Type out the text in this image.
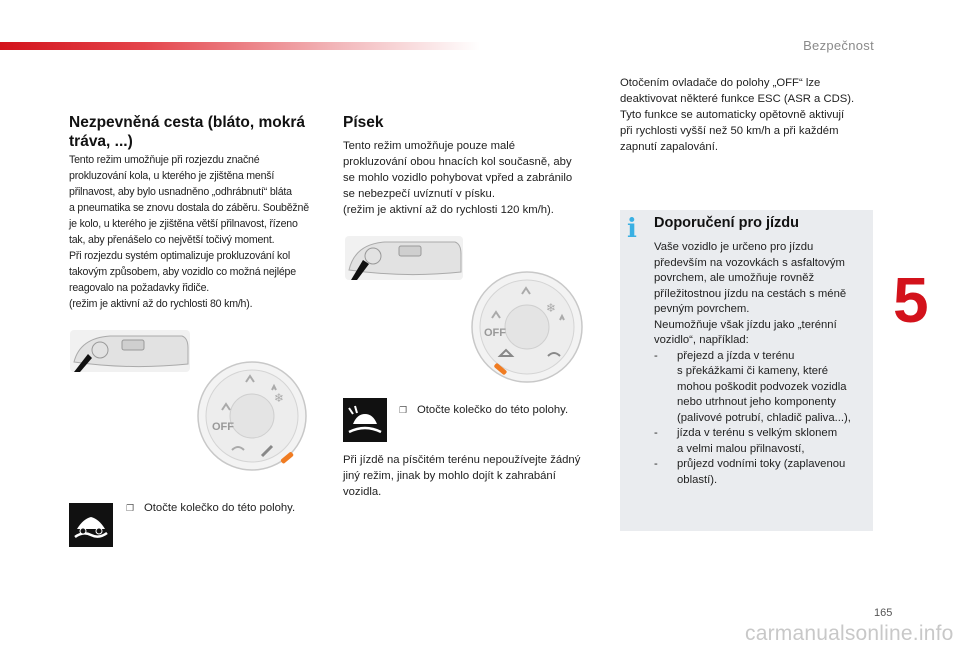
Bezpečnost
Nezpevněná cesta (bláto, mokrá
tráva, ...)
Tento režim umožňuje při rozjezdu značné
prokluzování kola, u kterého je zjištěna menší
přilnavost, aby bylo usnadněno „odhrábnutí“ bláta
a pneumatika se znovu dostala do záběru. Souběžně
je kolo, u kterého je zjištěna větší přilnavost, řízeno
tak, aby přenášelo co největší točivý moment.
Při rozjezdu systém optimalizuje prokluzování kol
takovým způsobem, aby vozidlo co možná nejlépe
reagovalo na požadavky řidiče.
(režim je aktivní až do rychlosti 80 km/h).
OFF
❄
❐ Otočte kolečko do této polohy.
Písek
Tento režim umožňuje pouze malé
prokluzování obou hnacích kol současně, aby
se mohlo vozidlo pohybovat vpřed a zabránilo
se nebezpečí uvíznutí v písku.
(režim je aktivní až do rychlosti 120 km/h).
OFF
❄
❐ Otočte kolečko do této polohy.
Při jízdě na písčitém terénu nepoužívejte žádný
jiný režim, jinak by mohlo dojít k zahrabání
vozidla.
Otočením ovladače do polohy „OFF“ lze
deaktivovat některé funkce ESC (ASR a CDS).
Tyto funkce se automaticky opětovně aktivují
při rychlosti vyšší než 50 km/h a při každém
zapnutí zapalování.
i Doporučení pro jízdu
Vaše vozidlo je určeno pro jízdu
především na vozovkách s asfaltovým
povrchem, ale umožňuje rovněž
příležitostnou jízdu na cestách s méně
pevným povrchem.
Neumožňuje však jízdu jako „terénní
vozidlo“, například:
- přejezd a jízda v terénu
s překážkami či kameny, které
mohou poškodit podvozek vozidla
nebo utrhnout jeho komponenty
(palivové potrubí, chladič paliva...),
- jízda v terénu s velkým sklonem
a velmi malou přilnavostí,
- průjezd vodními toky (zaplavenou
oblastí).
5
165
carmanualsonline.info
